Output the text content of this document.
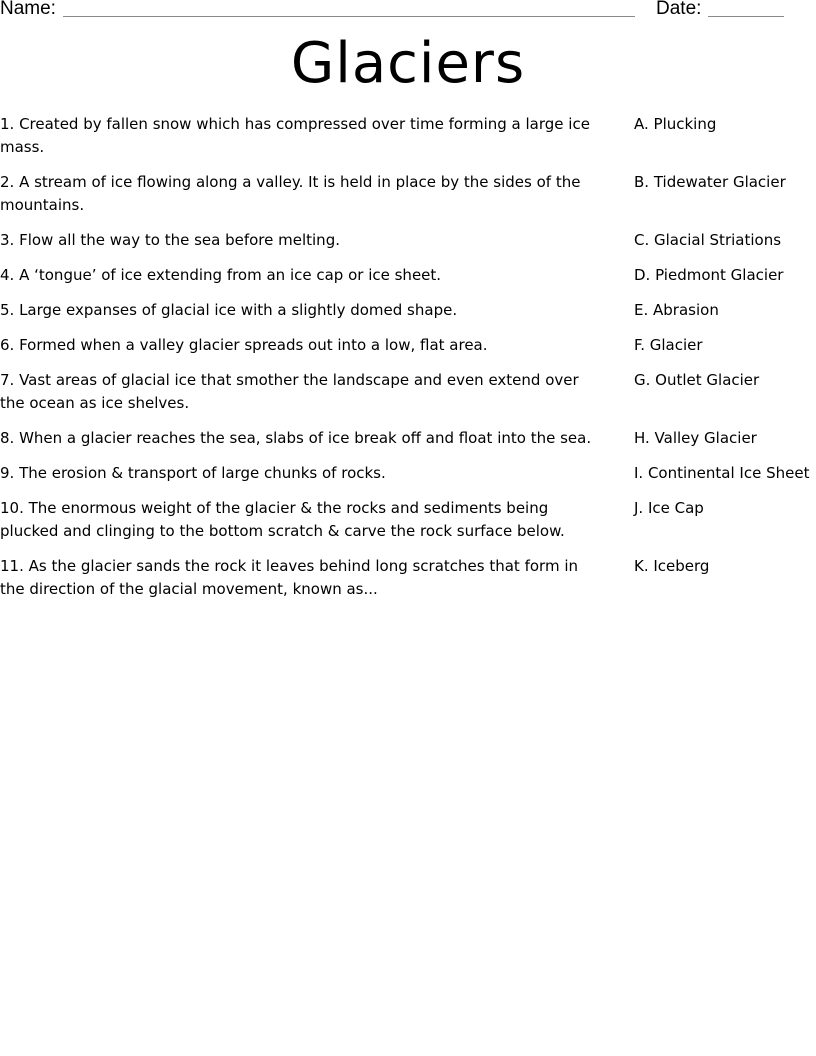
Name:	Date:
Glaciers
1. Created by fallen snow which has compressed over time forming a large ice mass.
A. Plucking
2. A stream of ice flowing along a valley. It is held in place by the sides of the mountains.
B. Tidewater Glacier
3. Flow all the way to the sea before melting.	C. Glacial Striations
4. A ‘tongue’ of ice extending from an ice cap or ice sheet.	D. Piedmont Glacier
5. Large expanses of glacial ice with a slightly domed shape.	E. Abrasion
6. Formed when a valley glacier spreads out into a low, flat area.	F. Glacier
7. Vast areas of glacial ice that smother the landscape and even extend over the ocean as ice shelves.
G. Outlet Glacier
8. When a glacier reaches the sea, slabs of ice break off and float into the sea.	H. Valley Glacier
9. The erosion & transport of large chunks of rocks.	I. Continental Ice Sheet
10. The enormous weight of the glacier & the rocks and sediments being plucked and clinging to the bottom scratch & carve the rock surface below.
J. Ice Cap
11. As the glacier sands the rock it leaves behind long scratches that form in the direction of the glacial movement, known as...
K. Iceberg
